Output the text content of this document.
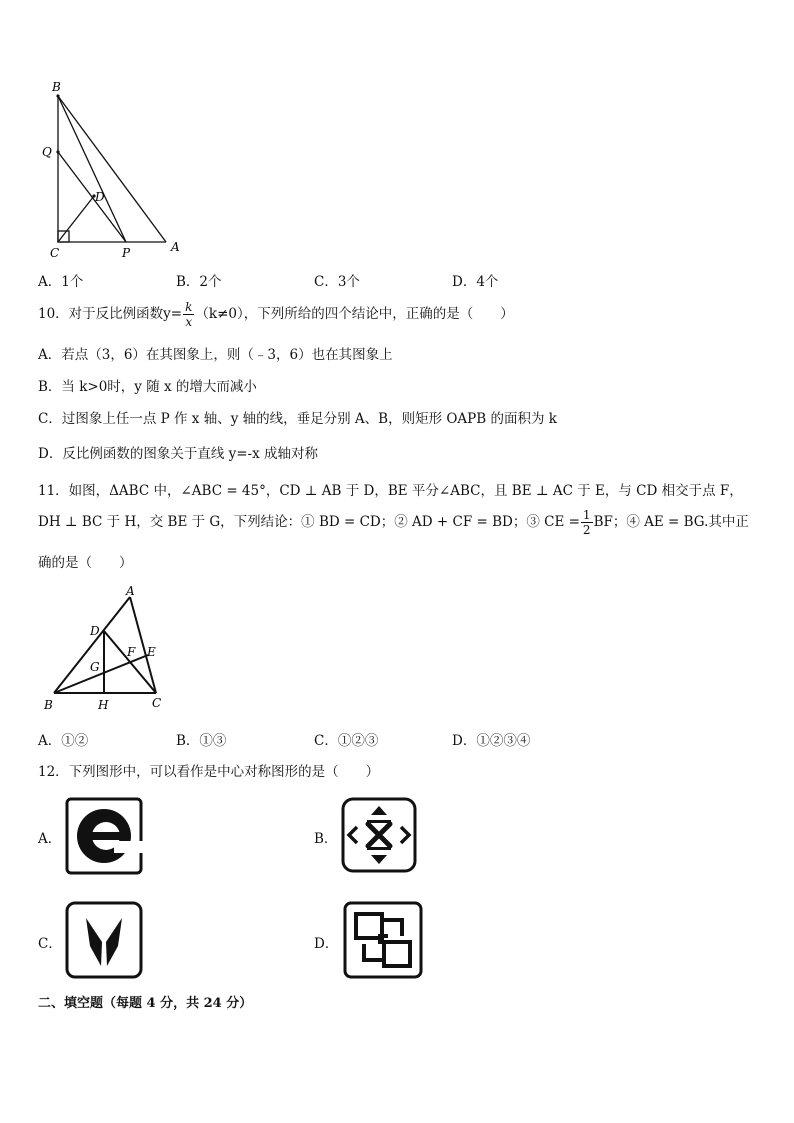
B
Q
D
C	P	A
A．1个	B．2个	C．3个	D．4个
10．对于反比例函数$y= \frac{k}{x} (k\ne 0)$，下列所给的四个结论中，正确的是（　　）
A．若点（3，6）在其图象上，则（﹣3，6）也在其图象上
B．当 k>0时，y 随 x 的增大而减小
C．过图象上任一点 P 作 x 轴、y 轴的线，垂足分别 A、B，则矩形 OAPB 的面积为 k
D．反比例函数的图象关于直线 y=-x 成轴对称
11．如图，ΔABC 中，∠ABC = 45°，CD ⊥ AB 于 D，BE 平分∠ABC，且 BE ⊥ AC 于 E，与 CD 相交于点 F，
DH ⊥ BC 于 H，交 BE 于 G，下列结论：① BD = CD；② AD + CF = BD；③ CE = $\frac{1}{2}$ BF；④ AE = BG.其中正
确的是（　　）
A
D
F E
G
B	H	C
A．①②	B．①③	C．①②③	D．①②③④
12．下列图形中，可以看作是中心对称图形的是（　　）
A．	B．
C．	D．
二、填空题（每题 4 分，共 24 分）
